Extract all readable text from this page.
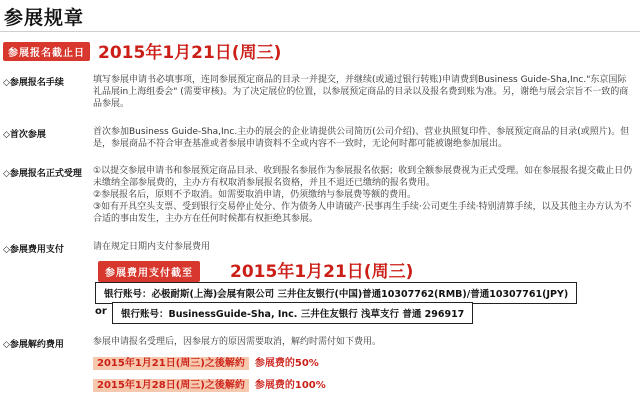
参展规章
参展报名截止日 2015年1月21日(周三)
◇参展报名手续	填写参展申请书必填事项，连同参展预定商品的目录一并提交，并继续(或通过银行转账)申请费到Business Guide-Sha,Inc."东京国际礼品展in上海组委会" (需要审核)。为了决定展位的位置，以参展预定商品的目录以及报名费到账为准。另，谢绝与展会宗旨不一致的商品参展。

◇首次参展	首次参加Business Guide-Sha,Inc.主办的展会的企业请提供公司简历(公司介绍)、营业执照复印件、参展预定商品的目录(或照片)。但是，参展商品不符合审查基准或者参展申请资料不全或内容不一致时，无论何时都可能被谢绝参加展出。

◇参展报名正式受理 ①以提交参展申请书和参展预定商品目录、收到报名参展作为参展报名依据；收到全额参展费视为正式受理。如在参展报名提交截止日仍未缴纳全部参展费的，主办方有权取消参展报名资格，并且不退还已缴纳的报名费用。

②参展报名后，原则不予取消。如需要取消申请，仍须缴纳与参展费等额的费用。

③如有开具空头支票、受到银行交易停止处分、作为债务人申请破产·民事再生手续·公司更生手续·特别清算手续，以及其他主办方认为不合适的事由发生，主办方在任何时候都有权拒绝其参展。

◇参展费用支付	请在规定日期内支付参展费用

参展费用支付截至	2015年1月21日(周三)
银行账号：必极耐斯(上海)会展有限公司 三井住友银行(中国)普通10307762(RMB)/普通10307761(JPY)
or	银行账号：BusinessGuide-Sha, Inc. 三井住友银行 浅草支行 普通 296917
◇参展解约费用	参展申请报名受理后，因参展方的原因需要取消，解约时需付如下费用。

2015年1月21日(周三)之後解約 参展费的50%
2015年1月28日(周三)之後解約 参展费的100%
